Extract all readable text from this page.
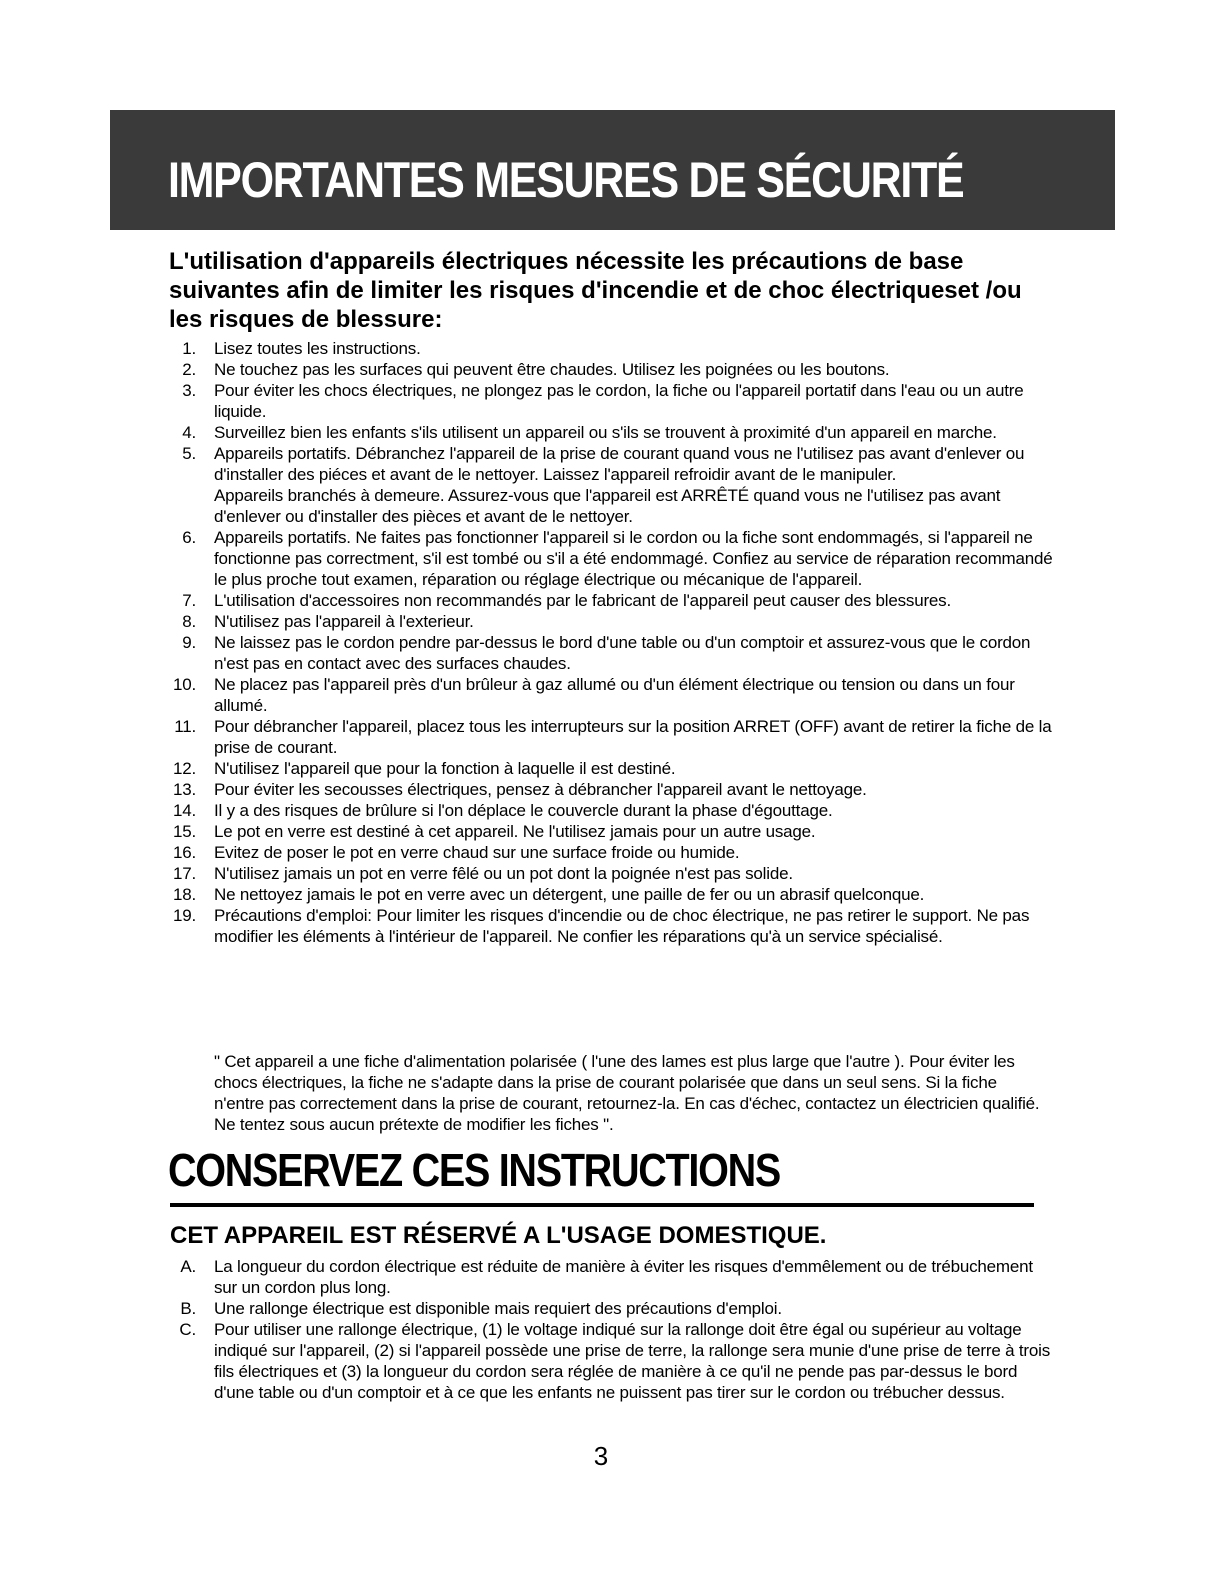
IMPORTANTES MESURES DE SÉCURITÉ

L'utilisation d'appareils électriques nécessite les précautions de base suivantes afin de limiter les risques d'incendie et de choc électriqueset /ou les risques de blessure:

1. Lisez toutes les instructions.
2. Ne touchez pas les surfaces qui peuvent être chaudes. Utilisez les poignées ou les boutons.
3. Pour éviter les chocs électriques, ne plongez pas le cordon, la fiche ou l'appareil portatif dans l'eau ou un autre liquide.
4. Surveillez bien les enfants s'ils utilisent un appareil ou s'ils se trouvent à proximité d'un appareil en marche.
5. Appareils portatifs. Débranchez l'appareil de la prise de courant quand vous ne l'utilisez pas avant d'enlever ou d'installer des piéces et avant de le nettoyer. Laissez l'appareil refroidir avant de le manipuler.
Appareils branchés à demeure. Assurez-vous que l'appareil est ARRÊTÉ quand vous ne l'utilisez pas avant d'enlever ou d'installer des pièces et avant de le nettoyer.
6. Appareils portatifs. Ne faites pas fonctionner l'appareil si le cordon ou la fiche sont endommagés, si l'appareil ne fonctionne pas correctment, s'il est tombé ou s'il a été endommagé. Confiez au service de réparation recommandé le plus proche tout examen, réparation ou réglage électrique ou mécanique de l'appareil.
7. L'utilisation d'accessoires non recommandés par le fabricant de l'appareil peut causer des blessures.
8. N'utilisez pas l'appareil à l'exterieur.
9. Ne laissez pas le cordon pendre par-dessus le bord d'une table ou d'un comptoir et assurez-vous que le cordon n'est pas en contact avec des surfaces chaudes.
10. Ne placez pas l'appareil près d'un brûleur à gaz allumé ou d'un élément électrique ou tension ou dans un four allumé.
11. Pour débrancher l'appareil, placez tous les interrupteurs sur la position ARRET (OFF) avant de retirer la fiche de la prise de courant.
12. N'utilisez l'appareil que pour la fonction à laquelle il est destiné.
13. Pour éviter les secousses électriques, pensez à débrancher l'appareil avant le nettoyage.
14. Il y a des risques de brûlure si l'on déplace le couvercle durant la phase d'égouttage.
15. Le pot en verre est destiné à cet appareil. Ne l'utilisez jamais pour un autre usage.
16. Evitez de poser le pot en verre chaud sur une surface froide ou humide.
17. N'utilisez jamais un pot en verre fêlé ou un pot dont la poignée n'est pas solide.
18. Ne nettoyez jamais le pot en verre avec un détergent, une paille de fer ou un abrasif quelconque.
19. Précautions d'emploi: Pour limiter les risques d'incendie ou de choc électrique, ne pas retirer le support. Ne pas modifier les éléments à l'intérieur de l'appareil. Ne confier les réparations qu'à un service spécialisé.

" Cet appareil a une fiche d'alimentation polarisée ( l'une des lames est plus large que l'autre ). Pour éviter les chocs électriques, la fiche ne s'adapte dans la prise de courant polarisée que dans un seul sens. Si la fiche n'entre pas correctement dans la prise de courant, retournez-la. En cas d'échec, contactez un électricien qualifié. Ne tentez sous aucun prétexte de modifier les fiches ".

CONSERVEZ CES INSTRUCTIONS
CET APPAREIL EST RÉSERVÉ A L'USAGE DOMESTIQUE.
A. La longueur du cordon électrique est réduite de manière à éviter les risques d'emmêlement ou de trébuchement sur un cordon plus long.
B. Une rallonge électrique est disponible mais requiert des précautions d'emploi.
C. Pour utiliser une rallonge électrique, (1) le voltage indiqué sur la rallonge doit être égal ou supérieur au voltage indiqué sur l'appareil, (2) si l'appareil possède une prise de terre, la rallonge sera munie d'une prise de terre à trois fils électriques et (3) la longueur du cordon sera réglée de manière à ce qu'il ne pende pas par-dessus le bord d'une table ou d'un comptoir et à ce que les enfants ne puissent pas tirer sur le cordon ou trébucher dessus.
3
